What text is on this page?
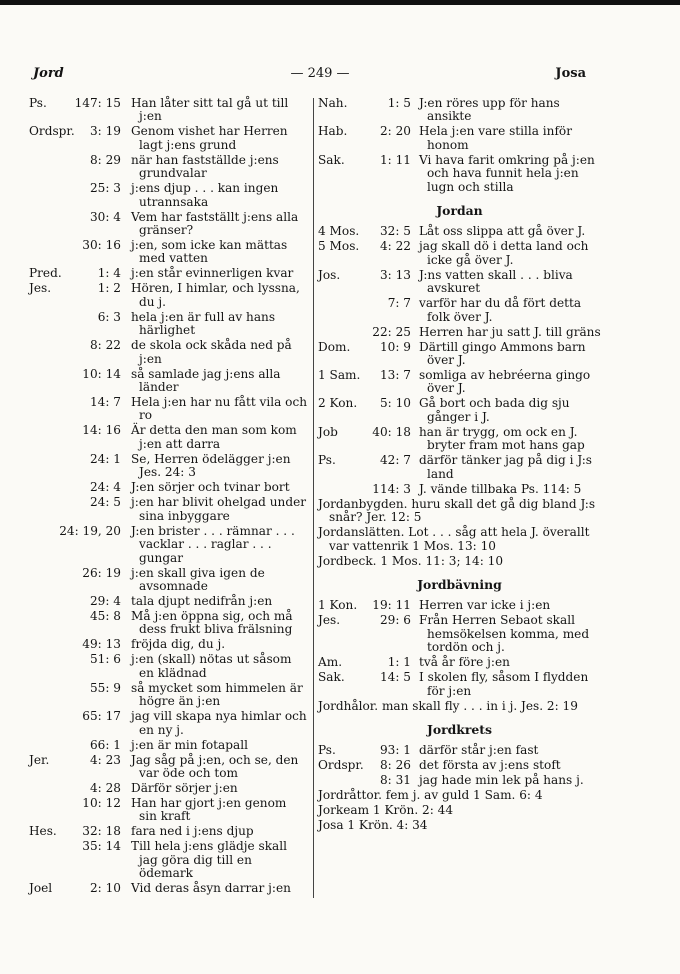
Jord	— 249 —	Josa
Ps.	147: 15 Han låter sitt tal gå ut till j:en
Ordspr.	3: 19 Genom vishet har Herren lagt j:ens grund
8: 29 när han fastställde j:ens grundvalar
25: 3 j:ens djup . . . kan ingen utrannsaka
30: 4 Vem har fastställt j:ens alla gränser?
30: 16 j:en, som icke kan mättas med vatten
Pred.	1: 4 j:en står evinnerligen kvar
Jes.	1: 2 Hören, I himlar, och lyssna, du j.
6: 3 hela j:en är full av hans härlighet
8: 22 de skola ock skåda ned på j:en
10: 14 så samlade jag j:ens alla länder
14: 7 Hela j:en har nu fått vila och ro
14: 16 Är detta den man som kom j:en att darra
24: 1 Se, Herren ödelägger j:en Jes. 24: 3
24: 4 J:en sörjer och tvinar bort
24: 5 j:en har blivit ohelgad under sina inbyggare
24: 19, 20 J:en brister . . . rämnar . . . vacklar . . . raglar . . . gungar
26: 19 j:en skall giva igen de avsomnade
29: 4 tala djupt nedifrån j:en
45: 8 Må j:en öppna sig, och må dess frukt bliva frälsning
49: 13 fröjda dig, du j.
51: 6 j:en (skall) nötas ut såsom en klädnad
55: 9 så mycket som himmelen är högre än j:en
65: 17 jag vill skapa nya himlar och en ny j.
66: 1 j:en är min fotapall
Jer.	4: 23 Jag såg på j:en, och se, den var öde och tom
4: 28 Därför sörjer j:en
10: 12 Han har gjort j:en genom sin kraft
Hes.	32: 18 fara ned i j:ens djup
35: 14 Till hela j:ens glädje skall jag göra dig till en ödemark
Joel	2: 10 Vid deras åsyn darrar j:en
Nah.	1: 5 J:en röres upp för hans ansikte
Hab.	2: 20 Hela j:en vare stilla inför honom
Sak.	1: 11 Vi hava farit omkring på j:en och hava funnit hela j:en lugn och stilla
Jordan
4 Mos.	32: 5 Låt oss slippa att gå över J.
5 Mos.	4: 22 jag skall dö i detta land och icke gå över J.
Jos.	3: 13 J:ns vatten skall . . . bliva avskuret
7: 7 varför har du då fört detta folk över J.
22: 25 Herren har ju satt J. till gräns
Dom.	10: 9 Därtill gingo Ammons barn över J.
1 Sam.	13: 7 somliga av hebréerna gingo över J.
2 Kon.	5: 10 Gå bort och bada dig sju gånger i J.
Job	40: 18 han är trygg, om ock en J. bryter fram mot hans gap
Ps.	42: 7 därför tänker jag på dig i J:s land
114: 3 J. vände tillbaka Ps. 114: 5
Jordanbygden. huru skall det gå dig bland J:s snår? Jer. 12: 5
Jordanslätten. Lot . . . såg att hela J. överallt var vattenrik 1 Mos. 13: 10
Jordbeck. 1 Mos. 11: 3; 14: 10
Jordbävning
1 Kon.	19: 11 Herren var icke i j:en
Jes.	29: 6 Från Herren Sebaot skall hemsökelsen komma, med tordön och j.
Am.	1: 1 två år före j:en
Sak.	14: 5 I skolen fly, såsom I flydden för j:en
Jordhålor. man skall fly . . . in i j. Jes. 2: 19
Jordkrets
Ps.	93: 1 därför står j:en fast
Ordspr.	8: 26 det första av j:ens stoft
8: 31 jag hade min lek på hans j.
Jordråttor. fem j. av guld 1 Sam. 6: 4
Jorkeam 1 Krön. 2: 44
Josa 1 Krön. 4: 34
